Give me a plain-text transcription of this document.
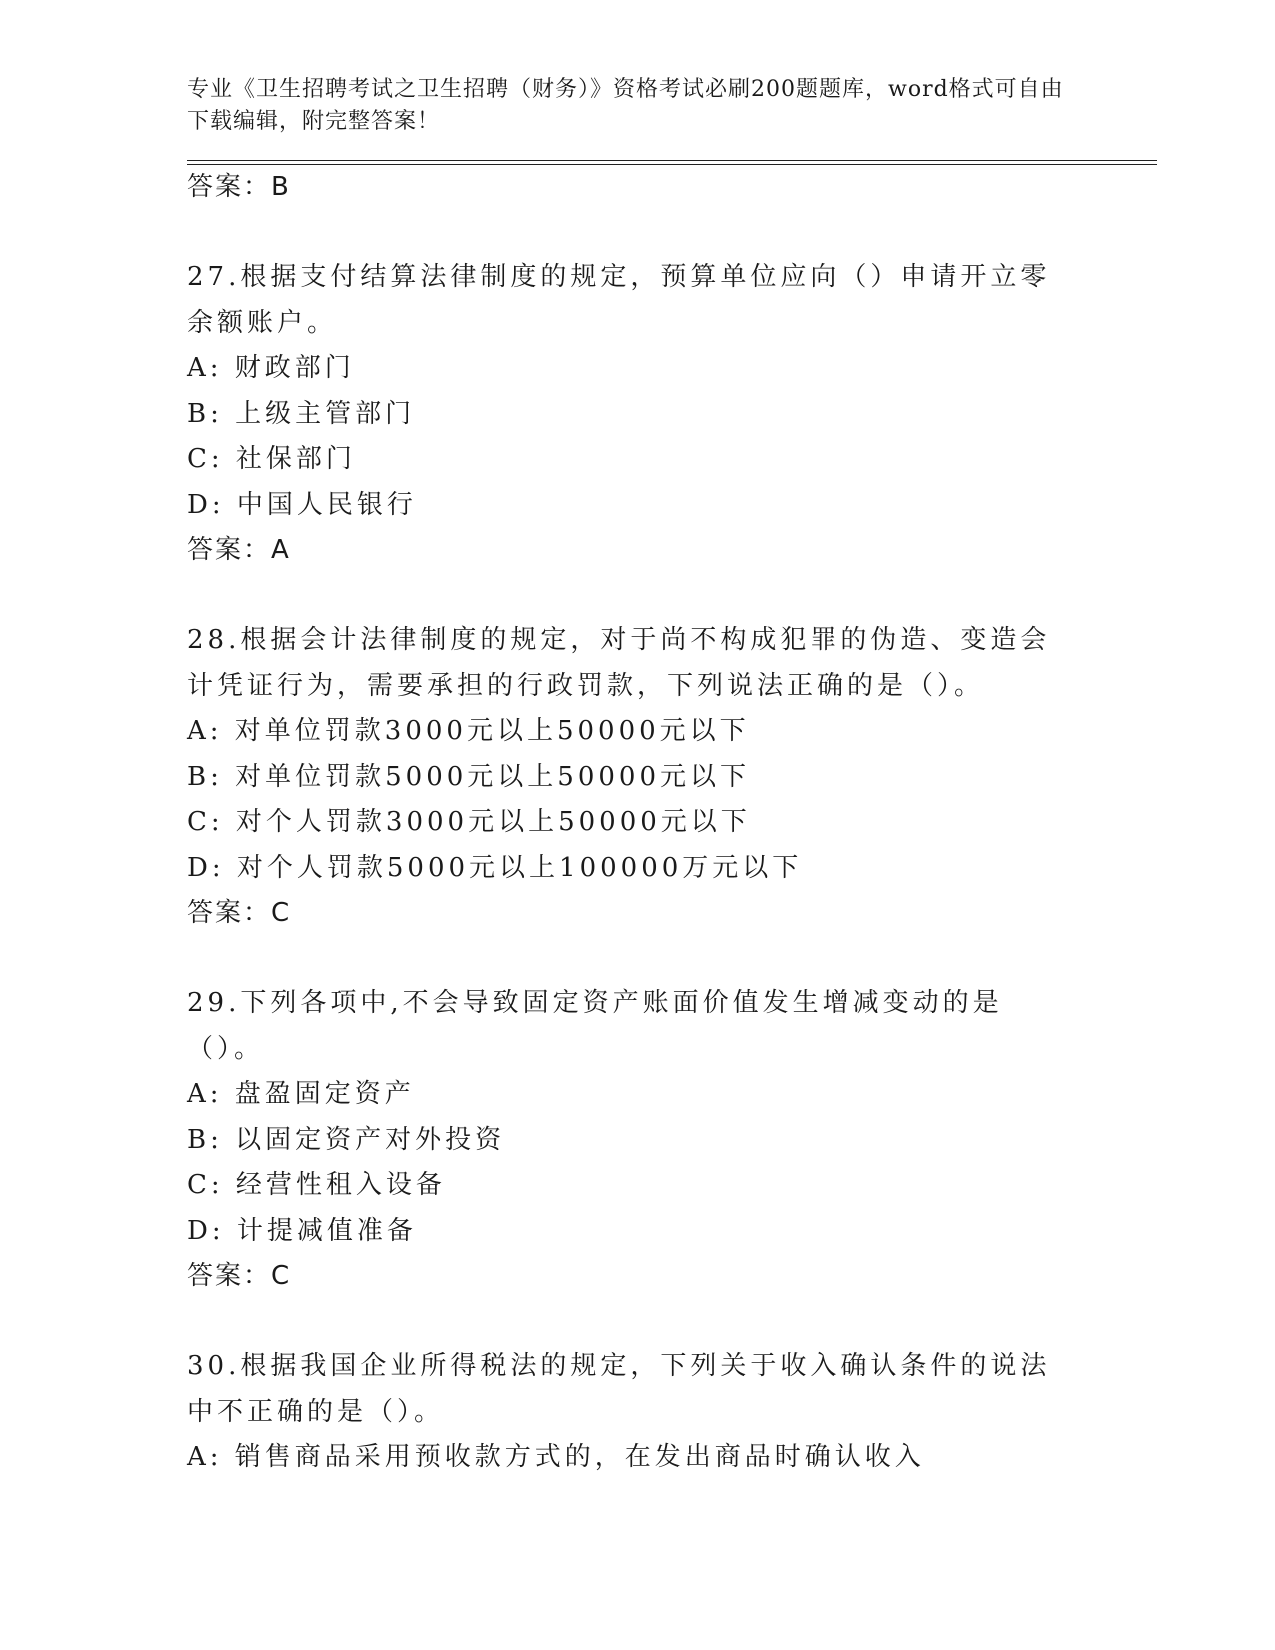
专业《卫生招聘考试之卫生招聘（财务）》资格考试必刷200题题库，word格式可自由下载编辑，附完整答案！

答案：B

27.根据支付结算法律制度的规定，预算单位应向（）申请开立零余额账户。

A: 财政部门

B: 上级主管部门

C: 社保部门

D: 中国人民银行

答案：A

28.根据会计法律制度的规定，对于尚不构成犯罪的伪造、变造会计凭证行为，需要承担的行政罚款，下列说法正确的是（）。

A: 对单位罚款3000元以上50000元以下

B: 对单位罚款5000元以上50000元以下

C: 对个人罚款3000元以上50000元以下

D: 对个人罚款5000元以上100000万元以下

答案：C

29.下列各项中,不会导致固定资产账面价值发生增减变动的是（）。

A: 盘盈固定资产

B: 以固定资产对外投资

C: 经营性租入设备

D: 计提减值准备

答案：C

30.根据我国企业所得税法的规定，下列关于收入确认条件的说法中不正确的是（）。

A: 销售商品采用预收款方式的，在发出商品时确认收入
